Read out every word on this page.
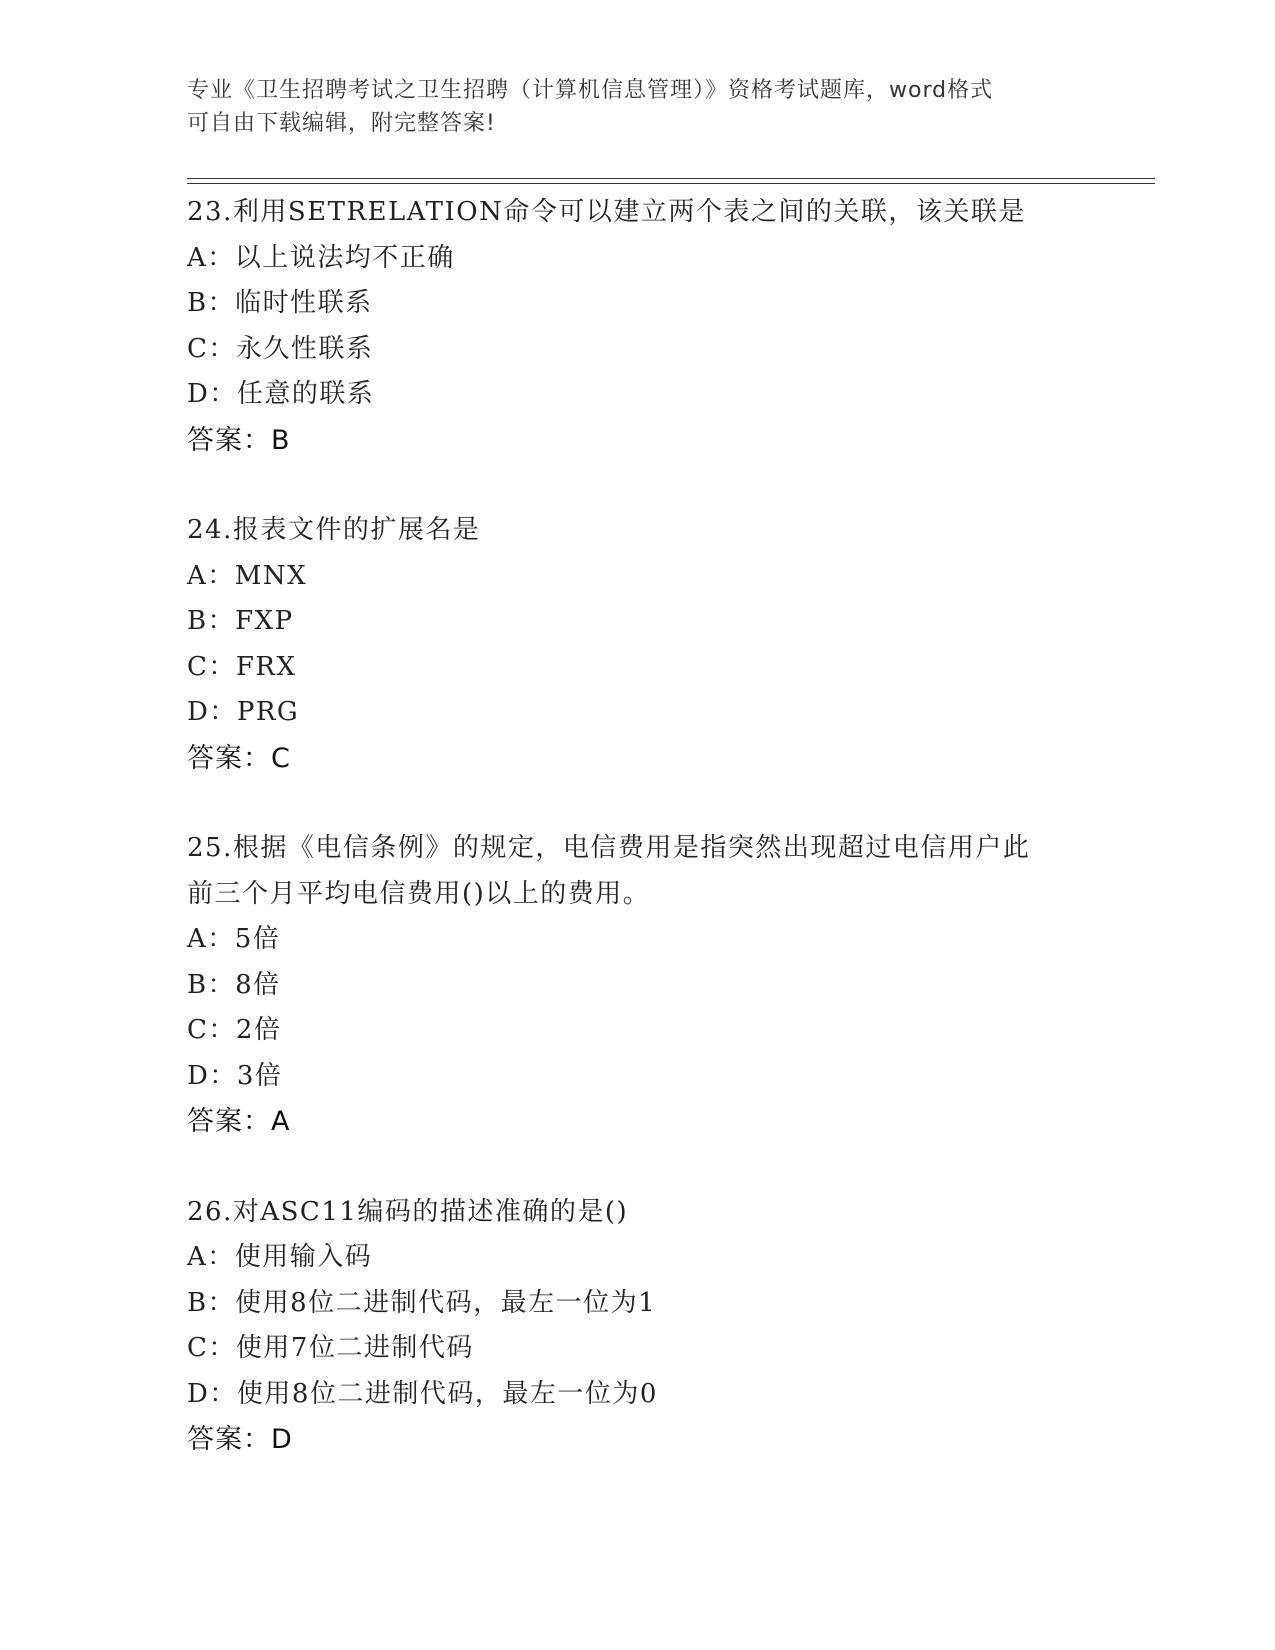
专业《卫生招聘考试之卫生招聘（计算机信息管理）》资格考试题库，word格式
可自由下载编辑，附完整答案!
23.利用SETRELATION命令可以建立两个表之间的关联，该关联是
A：以上说法均不正确
B：临时性联系
C：永久性联系
D：任意的联系
答案：B
24.报表文件的扩展名是
A：MNX
B：FXP
C：FRX
D：PRG
答案：C
25.根据《电信条例》的规定，电信费用是指突然出现超过电信用户此
前三个月平均电信费用()以上的费用。
A：5倍
B：8倍
C：2倍
D：3倍
答案：A
26.对ASC11编码的描述准确的是()
A：使用输入码
B：使用8位二进制代码，最左一位为1
C：使用7位二进制代码
D：使用8位二进制代码，最左一位为0
答案：D
